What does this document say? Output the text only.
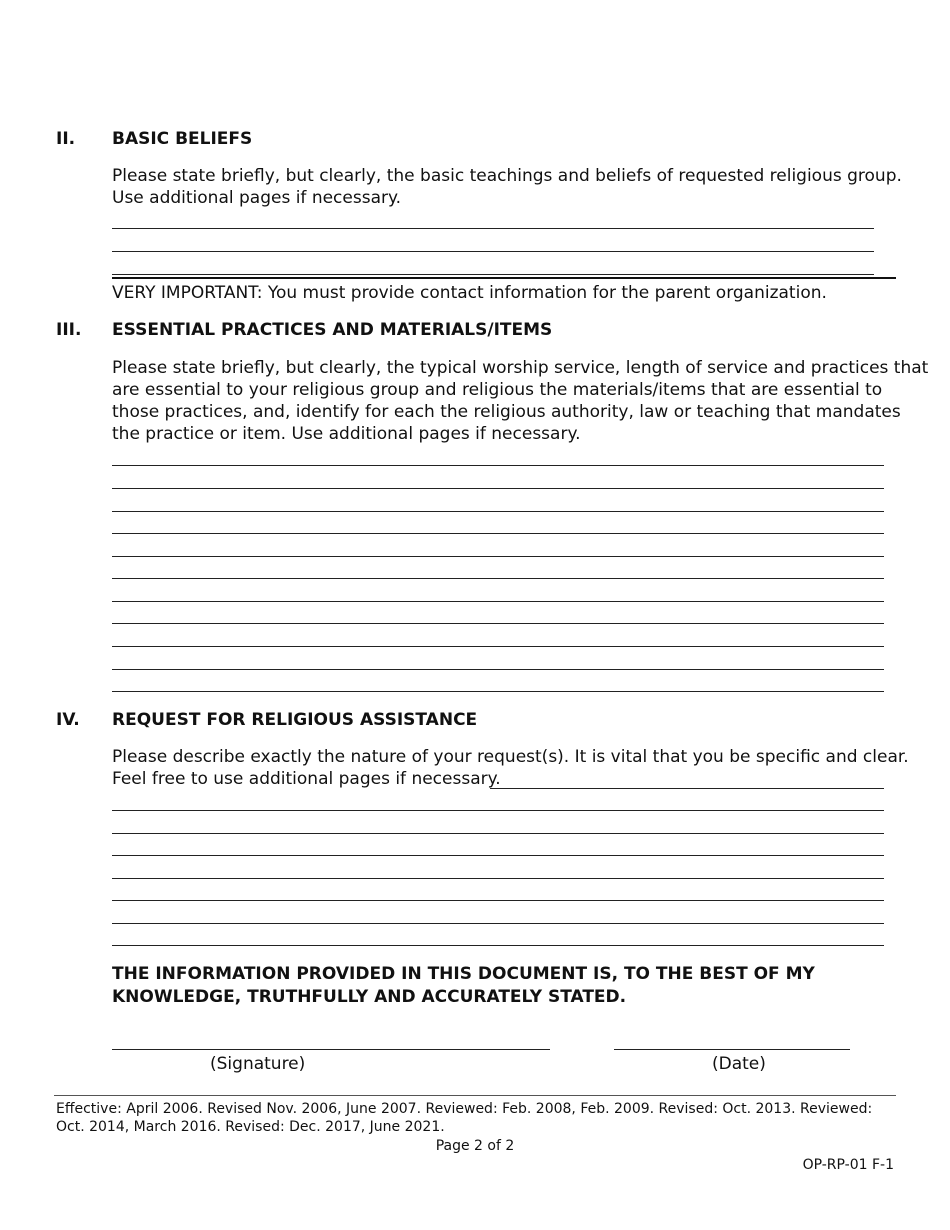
II. BASIC BELIEFS
Please state briefly, but clearly, the basic teachings and beliefs of requested religious group.
Use additional pages if necessary.
VERY IMPORTANT: You must provide contact information for the parent organization.
III. ESSENTIAL PRACTICES AND MATERIALS/ITEMS
Please state briefly, but clearly, the typical worship service, length of service and practices that
are essential to your religious group and religious the materials/items that are essential to
those practices, and, identify for each the religious authority, law or teaching that mandates
the practice or item. Use additional pages if necessary.
IV. REQUEST FOR RELIGIOUS ASSISTANCE
Please describe exactly the nature of your request(s). It is vital that you be specific and clear.
Feel free to use additional pages if necessary.
THE INFORMATION PROVIDED IN THIS DOCUMENT IS, TO THE BEST OF MY
KNOWLEDGE, TRUTHFULLY AND ACCURATELY STATED.
(Signature)	(Date)
Effective: April 2006. Revised Nov. 2006, June 2007. Reviewed: Feb. 2008, Feb. 2009. Revised: Oct. 2013. Reviewed:
Oct. 2014, March 2016. Revised: Dec. 2017, June 2021.
Page 2 of 2
OP-RP-01 F-1
